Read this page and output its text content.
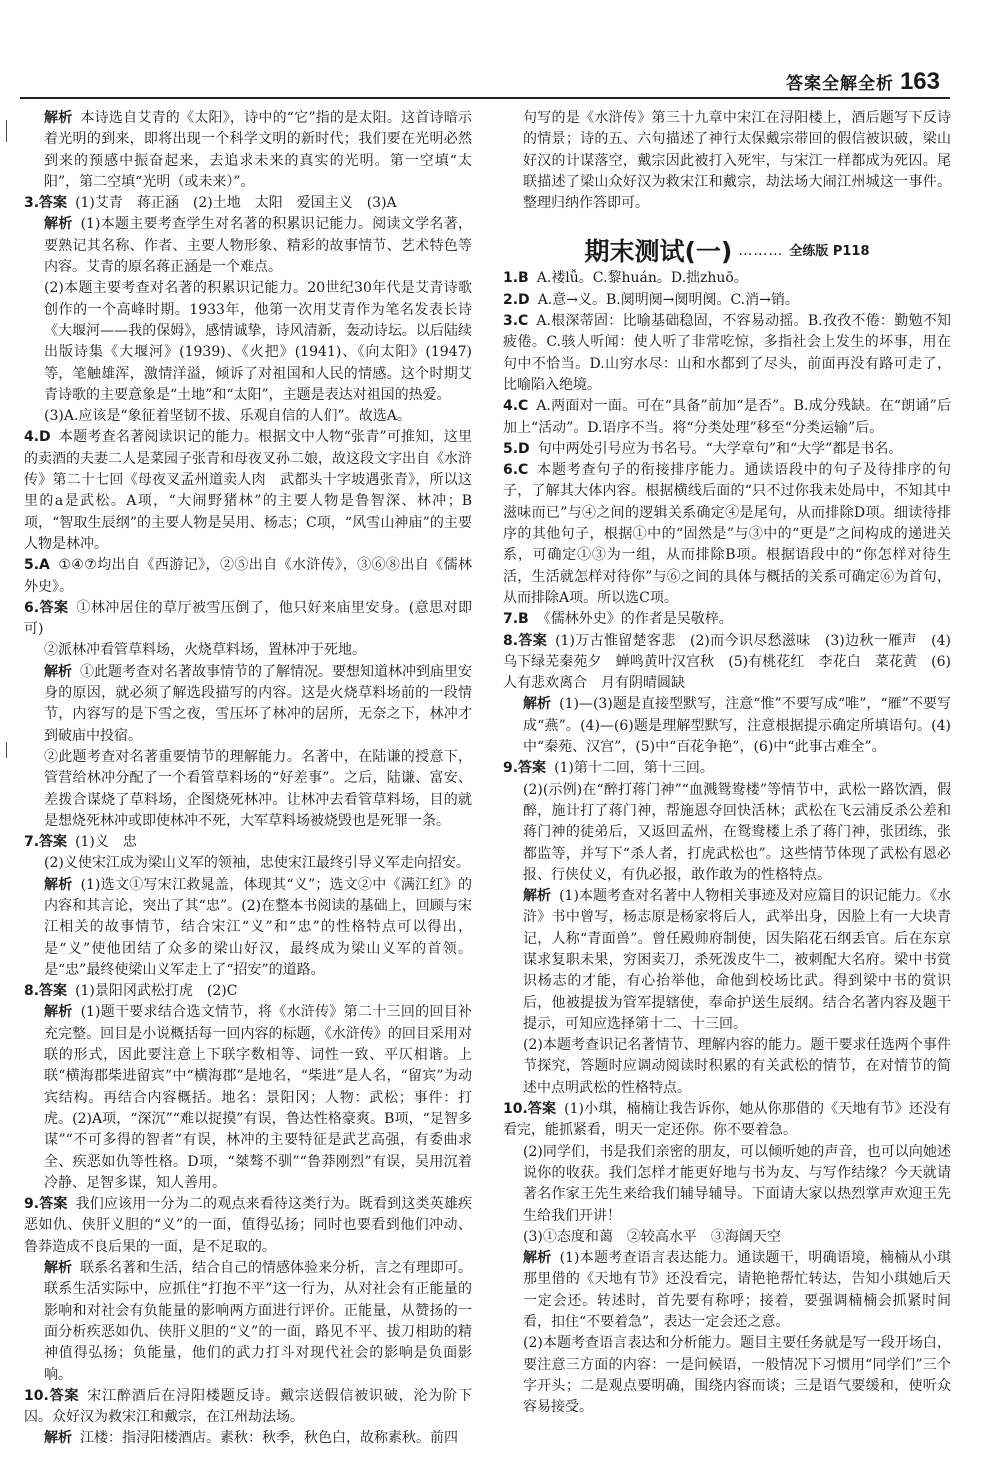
答案全解全析 163

解析 本诗选自艾青的《太阳》，诗中的“它”指的是太阳。这首诗暗示着光明的到来，即将出现一个科学文明的新时代；我们要在光明必然到来的预感中振奋起来，去追求未来的真实的光明。第一空填“太阳”，第二空填“光明（或未来）”。

3.答案 (1)艾青　蒋正涵　(2)土地　太阳　爱国主义　(3)A

解析 (1)本题主要考查学生对名著的积累识记能力。阅读文学名著，要熟记其名称、作者、主要人物形象、精彩的故事情节、艺术特色等内容。艾青的原名蒋正涵是一个难点。

(2)本题主要考查对名著的积累识记能力。20世纪30年代是艾青诗歌创作的一个高峰时期。1933年，他第一次用艾青作为笔名发表长诗《大堰河——我的保姆》，感情诚挚，诗风清新，轰动诗坛。以后陆续出版诗集《大堰河》(1939)、《火把》(1941)、《向太阳》(1947)等，笔触雄浑，激情洋溢，倾诉了对祖国和人民的情感。这个时期艾青诗歌的主要意象是“土地”和“太阳”，主题是表达对祖国的热爱。

(3)A.应该是“象征着坚韧不拔、乐观自信的人们”。故选A。

4.D 本题考查名著阅读识记的能力。根据文中人物“张青”可推知，这里的卖酒的夫妻二人是菜园子张青和母夜叉孙二娘，故这段文字出自《水浒传》第二十七回《母夜叉孟州道卖人肉　武都头十字坡遇张青》，所以这里的a是武松。A项，“大闹野猪林”的主要人物是鲁智深、林冲；B项，“智取生辰纲”的主要人物是吴用、杨志；C项，“风雪山神庙”的主要人物是林冲。

5.A ①④⑦均出自《西游记》，②⑤出自《水浒传》，③⑥⑧出自《儒林外史》。

6.答案 ①林冲居住的草厅被雪压倒了，他只好来庙里安身。(意思对即可)

②派林冲看管草料场，火烧草料场，置林冲于死地。

解析 ①此题考查对名著故事情节的了解情况。要想知道林冲到庙里安身的原因，就必须了解选段描写的内容。这是火烧草料场前的一段情节，内容写的是下雪之夜，雪压坏了林冲的居所，无奈之下，林冲才到破庙中投宿。

②此题考查对名著重要情节的理解能力。名著中，在陆谦的授意下，管营给林冲分配了一个看管草料场的“好差事”。之后，陆谦、富安、差拨合谋烧了草料场，企图烧死林冲。让林冲去看管草料场，目的就是想烧死林冲或即使林冲不死，大军草料场被烧毁也是死罪一条。

7.答案 (1)义　忠

(2)义使宋江成为梁山义军的领袖，忠使宋江最终引导义军走向招安。

解析 (1)选文①写宋江救晁盖，体现其“义”；选文②中《满江红》的内容和其言论，突出了其“忠”。(2)在整本书阅读的基础上，回顾与宋江相关的故事情节，结合宋江“义”和“忠”的性格特点可以得出，是“义”使他团结了众多的梁山好汉，最终成为梁山义军的首领。是“忠”最终使梁山义军走上了“招安”的道路。

8.答案 (1)景阳冈武松打虎　(2)C

解析 (1)题干要求结合选文情节，将《水浒传》第二十三回的回目补充完整。回目是小说概括每一回内容的标题，《水浒传》的回目采用对联的形式，因此要注意上下联字数相等、词性一致、平仄相谐。上联“横海郡柴进留宾”中“横海郡”是地名，“柴进”是人名，“留宾”为动宾结构。再结合内容概括。地名：景阳冈；人物：武松；事件：打虎。(2)A项，“深沉”“难以捉摸”有误，鲁达性格豪爽。B项，“足智多谋”“不可多得的智者”有误，林冲的主要特征是武艺高强，有委曲求全、疾恶如仇等性格。D项，“桀骜不驯”“鲁莽刚烈”有误，吴用沉着冷静、足智多谋，知人善用。

9.答案 我们应该用一分为二的观点来看待这类行为。既看到这类英雄疾恶如仇、侠肝义胆的“义”的一面，值得弘扬；同时也要看到他们冲动、鲁莽造成不良后果的一面，是不足取的。

解析 联系名著和生活，结合自己的情感体验来分析，言之有理即可。联系生活实际中，应抓住“打抱不平”这一行为，从对社会有正能量的影响和对社会有负能量的影响两方面进行评价。正能量，从赞扬的一面分析疾恶如仇、侠肝义胆的“义”的一面，路见不平、拔刀相助的精神值得弘扬；负能量，他们的武力打斗对现代社会的影响是负面影响。

10.答案 宋江醉酒后在浔阳楼题反诗。戴宗送假信被识破，沦为阶下囚。众好汉为救宋江和戴宗，在江州劫法场。

解析 江楼：指浔阳楼酒店。素秋：秋季，秋色白，故称素秋。前四

句写的是《水浒传》第三十九章中宋江在浔阳楼上，酒后题写下反诗的情景；诗的五、六句描述了神行太保戴宗带回的假信被识破，梁山好汉的计谋落空，戴宗因此被打入死牢，与宋江一样都成为死囚。尾联描述了梁山众好汉为救宋江和戴宗，劫法场大闹江州城这一事件。整理归纳作答即可。

期末测试(一) ……… 全练版 P118

1.B A.褛lǚ。C.黎huán。D.拙zhuō。

2.D A.意→义。B.阒明阒→阒明阒。C.消→销。

3.C A.根深蒂固：比喻基础稳固，不容易动摇。B.孜孜不倦：勤勉不知疲倦。C.骇人听闻：使人听了非常吃惊，多指社会上发生的坏事，用在句中不恰当。D.山穷水尽：山和水都到了尽头，前面再没有路可走了，比喻陷入绝境。

4.C A.两面对一面。可在“具备”前加“是否”。B.成分残缺。在“朗诵”后加上“活动”。D.语序不当。将“分类处理”移至“分类运输”后。

5.D 句中两处引号应为书名号。“大学章句”和“大学”都是书名。

6.C 本题考查句子的衔接排序能力。通读语段中的句子及待排序的句子，了解其大体内容。根据横线后面的“只不过你我未处局中，不知其中滋味而已”与④之间的逻辑关系确定④是尾句，从而排除D项。细读待排序的其他句子，根据①中的“固然是”与③中的“更是”之间构成的递进关系，可确定①③为一组，从而排除B项。根据语段中的“你怎样对待生活，生活就怎样对待你”与⑥之间的具体与概括的关系可确定⑥为首句，从而排除A项。所以选C项。

7.B 《儒林外史》的作者是吴敬梓。

8.答案 (1)万古惟留楚客悲　(2)而今识尽愁滋味　(3)边秋一雁声　(4)乌下绿芜秦苑夕　蝉鸣黄叶汉宫秋　(5)有桃花红　李花白　菜花黄　(6)人有悲欢离合　月有阴晴圆缺

解析 (1)—(3)题是直接型默写，注意“惟”不要写成“唯”，“雁”不要写成“燕”。(4)—(6)题是理解型默写，注意根据提示确定所填语句。(4)中“秦苑、汉宫”，(5)中“百花争艳”，(6)中“此事古难全”。

9.答案 (1)第十二回，第十三回。

(2)(示例)在“醉打蒋门神”“血溅鸳鸯楼”等情节中，武松一路饮酒，假醉，施计打了蒋门神，帮施恩夺回快活林；武松在飞云浦反杀公差和蒋门神的徒弟后，又返回孟州，在鸳鸯楼上杀了蒋门神，张团练，张都监等，并写下“杀人者，打虎武松也”。这些情节体现了武松有恩必报、行侠仗义，有仇必报，敢作敢为的性格特点。

解析 (1)本题考查对名著中人物相关事迹及对应篇目的识记能力。《水浒》书中曾写，杨志原是杨家将后人，武举出身，因脸上有一大块青记，人称“青面兽”。曾任殿帅府制使，因失陷花石纲丢官。后在东京谋求复职未果，穷困卖刀，杀死泼皮牛二，被刺配大名府。梁中书赏识杨志的才能，有心抬举他，命他到校场比武。得到梁中书的赏识后，他被提拔为管军提辖使，奉命护送生辰纲。结合名著内容及题干提示，可知应选择第十二、十三回。

(2)本题考查识记名著情节、理解内容的能力。题干要求任选两个事件节探究，答题时应调动阅读时积累的有关武松的情节，在对情节的简述中点明武松的性格特点。

10.答案 (1)小琪，楠楠让我告诉你，她从你那借的《天地有节》还没有看完，能抓紧看，明天一定还你。你不要着急。

(2)同学们，书是我们亲密的朋友，可以倾听她的声音，也可以向她述说你的收获。我们怎样才能更好地与书为友、与写作结缘？今天就请著名作家王先生来给我们辅导辅导。下面请大家以热烈掌声欢迎王先生给我们开讲！

(3)①态度和蔼　②较高水平　③海阔天空

解析 (1)本题考查语言表达能力。通读题干，明确语境，楠楠从小琪那里借的《天地有节》还没看完，请艳艳帮忙转达，告知小琪她后天一定会还。转述时，首先要有称呼；接着，要强调楠楠会抓紧时间看，扣住“不要着急”，表达一定会还之意。

(2)本题考查语言表达和分析能力。题目主要任务就是写一段开场白，要注意三方面的内容：一是问候语，一般情况下习惯用“同学们”三个字开头；二是观点要明确，围绕内容而谈；三是语气要缓和，使听众容易接受。
